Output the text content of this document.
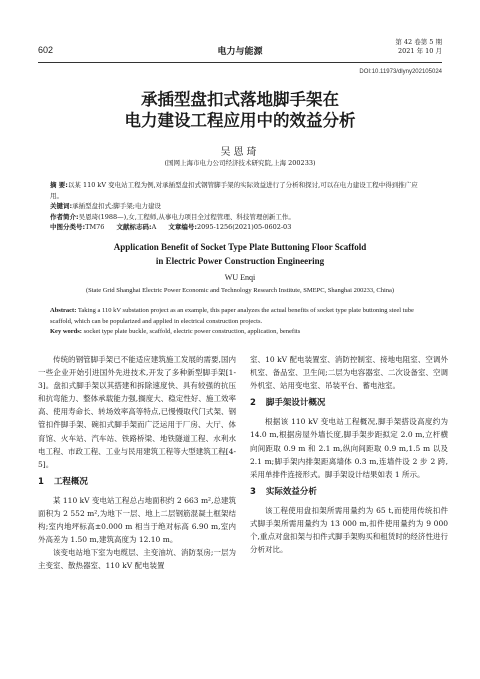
602	电力与能源
第 42 卷第 5 期
2021 年 10 月
DOI:10.11973/dlyny202105024
承插型盘扣式落地脚手架在
电力建设工程应用中的效益分析
吴恩琦
(国网上海市电力公司经济技术研究院,上海 200233)
摘 要:以某 110 kV 变电站工程为例,对承插型盘扣式钢管脚手架的实际效益进行了分析和探讨,可以在电力建设工程中得到推广应用。
关键词:承插型盘扣式;脚手架;电力建设
作者简介:吴恩琦(1988—),女,工程师,从事电力项目全过程管理、科技管理创新工作。
中图分类号:TM76 文献标志码:A 文章编号:2095-1256(2021)05-0602-03
Application Benefit of Socket Type Plate Buttoning Floor Scaffold
in Electric Power Construction Engineering
WU Enqi
(State Grid Shanghai Electric Power Economic and Technology Research Institute, SMEPC, Shanghai 200233, China)
Abstract: Taking a 110 kV substation project as an example, this paper analyzes the actual benefits of socket type plate buttoning steel tube scaffold, which can be popularized and applied in electrical construction projects.
Key words: socket type plate buckle, scaffold, electric power construction, application, benefits

传统的钢管脚手架已不能适应建筑施工发展的需要,国内一些企业开始引进国外先进技术,开发了多种新型脚手架[1-3]。盘扣式脚手架以其搭建和拆除速度快、具有较强的抗压和抗弯能力、整体承载能力强,搁度大、稳定性好、施工效率高、使用寿命长、转场效率高等特点,已慢慢取代门式架、钢管扣件脚手架、碗扣式脚手架而广泛运用于厂房、大厅、体育馆、火车站、汽车站、铁路桥梁、地铁隧道工程、水利水电工程、市政工程、工业与民用建筑工程等大型建筑工程[4-5]。

1 工程概况

某 110 kV 变电站工程总占地面积约 2 663 m²,总建筑面积为 2 552 m²,为地下一层、地上二层钢筋混凝土框架结构;室内地坪标高±0.000 m 相当于绝对标高 6.90 m,室内外高差为 1.50 m,建筑高度为 12.10 m。

该变电站地下室为电缆层、主变油坑、消防泵房;一层为主变室、散热器室、110 kV 配电装置

室、10 kV 配电装置室、消防控制室、接地电阻室、空调外机室、备品室、卫生间;二层为电容器室、二次设备室、空调外机室、站用变电室、吊装平台、蓄电池室。

2 脚手架设计概况

根据该 110 kV 变电站工程概况,脚手架搭设高度约为 14.0 m,根据房屋外墙长度,脚手架步距拟定 2.0 m,立杆横向间距取 0.9 m 和 2.1 m,纵向间距取 0.9 m,1.5 m 以及 2.1 m;脚手架内排架距离墙体 0.3 m,连墙件设 2 步 2 跨,采用单排件连接形式。脚手架设计结果如表 1 所示。

3 实际效益分析

该工程使用盘扣架所需用量约为 65 t,而使用传统扣件式脚手架所需用量约为 13 000 m,扣件使用量约为 9 000 个,重点对盘扣架与扣件式脚手架购买和租赁时的经济性进行分析对比。
